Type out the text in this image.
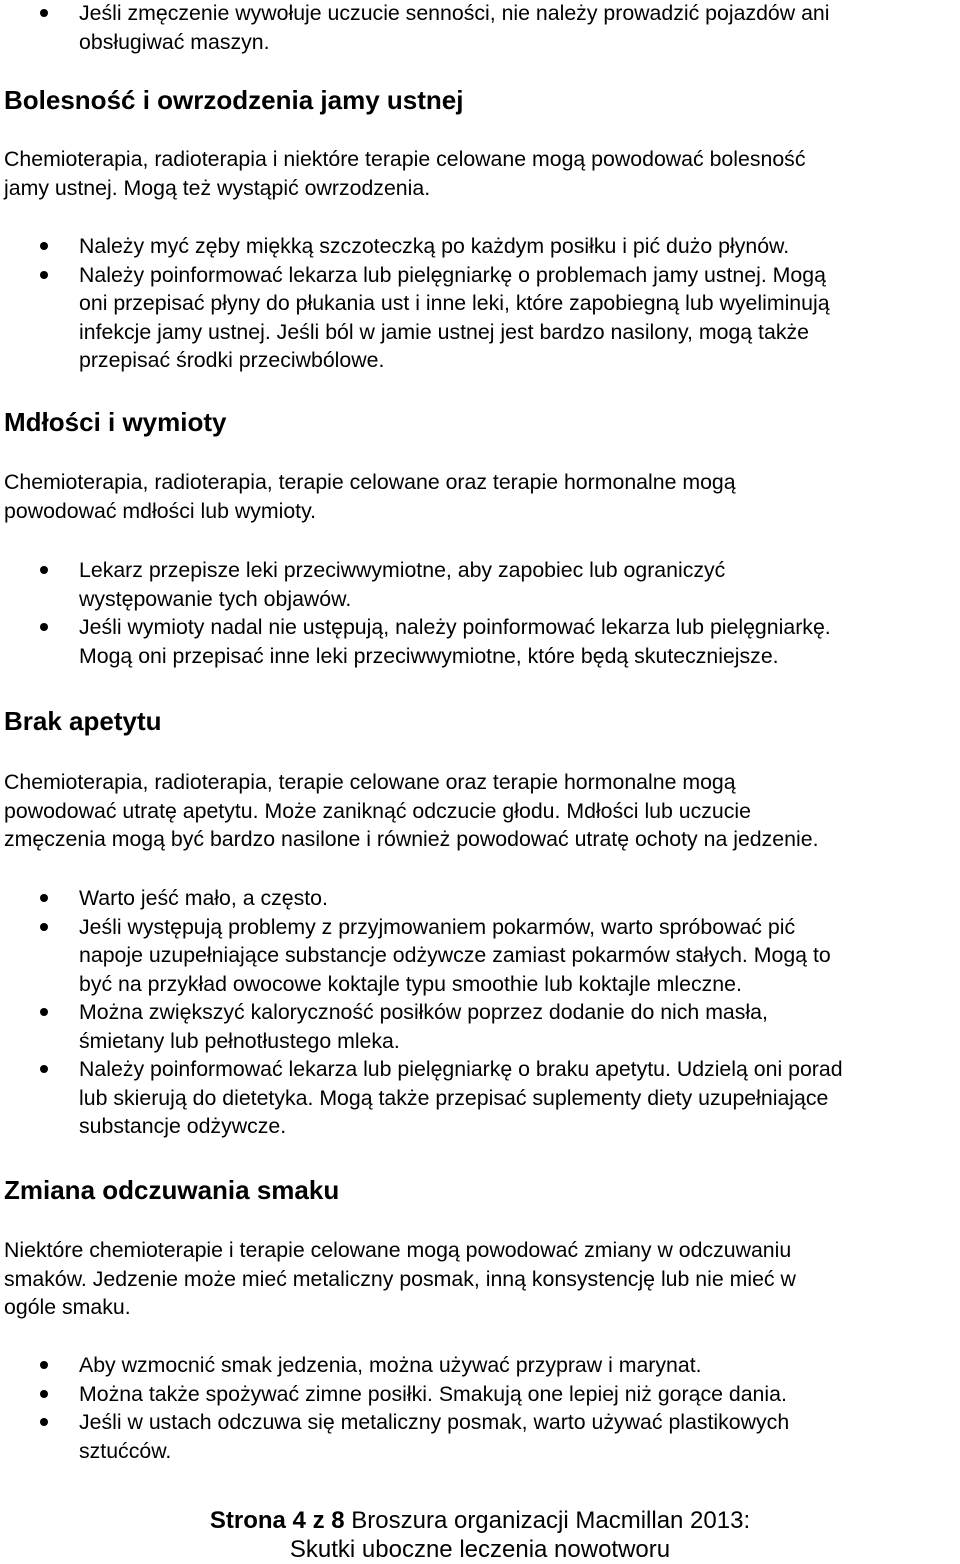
Jeśli zmęczenie wywołuje uczucie senności, nie należy prowadzić pojazdów ani
obsługiwać maszyn.
Bolesność i owrzodzenia jamy ustnej
Chemioterapia, radioterapia i niektóre terapie celowane mogą powodować bolesność
jamy ustnej. Mogą też wystąpić owrzodzenia.
Należy myć zęby miękką szczoteczką po każdym posiłku i pić dużo płynów.
Należy poinformować lekarza lub pielęgniarkę o problemach jamy ustnej. Mogą
oni przepisać płyny do płukania ust i inne leki, które zapobiegną lub wyeliminują
infekcje jamy ustnej. Jeśli ból w jamie ustnej jest bardzo nasilony, mogą także
przepisać środki przeciwbólowe.
Mdłości i wymioty
Chemioterapia, radioterapia, terapie celowane oraz terapie hormonalne mogą
powodować mdłości lub wymioty.
Lekarz przepisze leki przeciwwymiotne, aby zapobiec lub ograniczyć
występowanie tych objawów.
Jeśli wymioty nadal nie ustępują, należy poinformować lekarza lub pielęgniarkę.
Mogą oni przepisać inne leki przeciwwymiotne, które będą skuteczniejsze.
Brak apetytu
Chemioterapia, radioterapia, terapie celowane oraz terapie hormonalne mogą
powodować utratę apetytu. Może zaniknąć odczucie głodu. Mdłości lub uczucie
zmęczenia mogą być bardzo nasilone i również powodować utratę ochoty na jedzenie.
Warto jeść mało, a często.
Jeśli występują problemy z przyjmowaniem pokarmów, warto spróbować pić
napoje uzupełniające substancje odżywcze zamiast pokarmów stałych. Mogą to
być na przykład owocowe koktajle typu smoothie lub koktajle mleczne.
Można zwiększyć kaloryczność posiłków poprzez dodanie do nich masła,
śmietany lub pełnotłustego mleka.
Należy poinformować lekarza lub pielęgniarkę o braku apetytu. Udzielą oni porad
lub skierują do dietetyka. Mogą także przepisać suplementy diety uzupełniające
substancje odżywcze.
Zmiana odczuwania smaku
Niektóre chemioterapie i terapie celowane mogą powodować zmiany w odczuwaniu
smaków. Jedzenie może mieć metaliczny posmak, inną konsystencję lub nie mieć w
ogóle smaku.
Aby wzmocnić smak jedzenia, można używać przypraw i marynat.
Można także spożywać zimne posiłki. Smakują one lepiej niż gorące dania.
Jeśli w ustach odczuwa się metaliczny posmak, warto używać plastikowych
sztućców.
Strona 4 z 8 Broszura organizacji Macmillan 2013:
Skutki uboczne leczenia nowotworu
